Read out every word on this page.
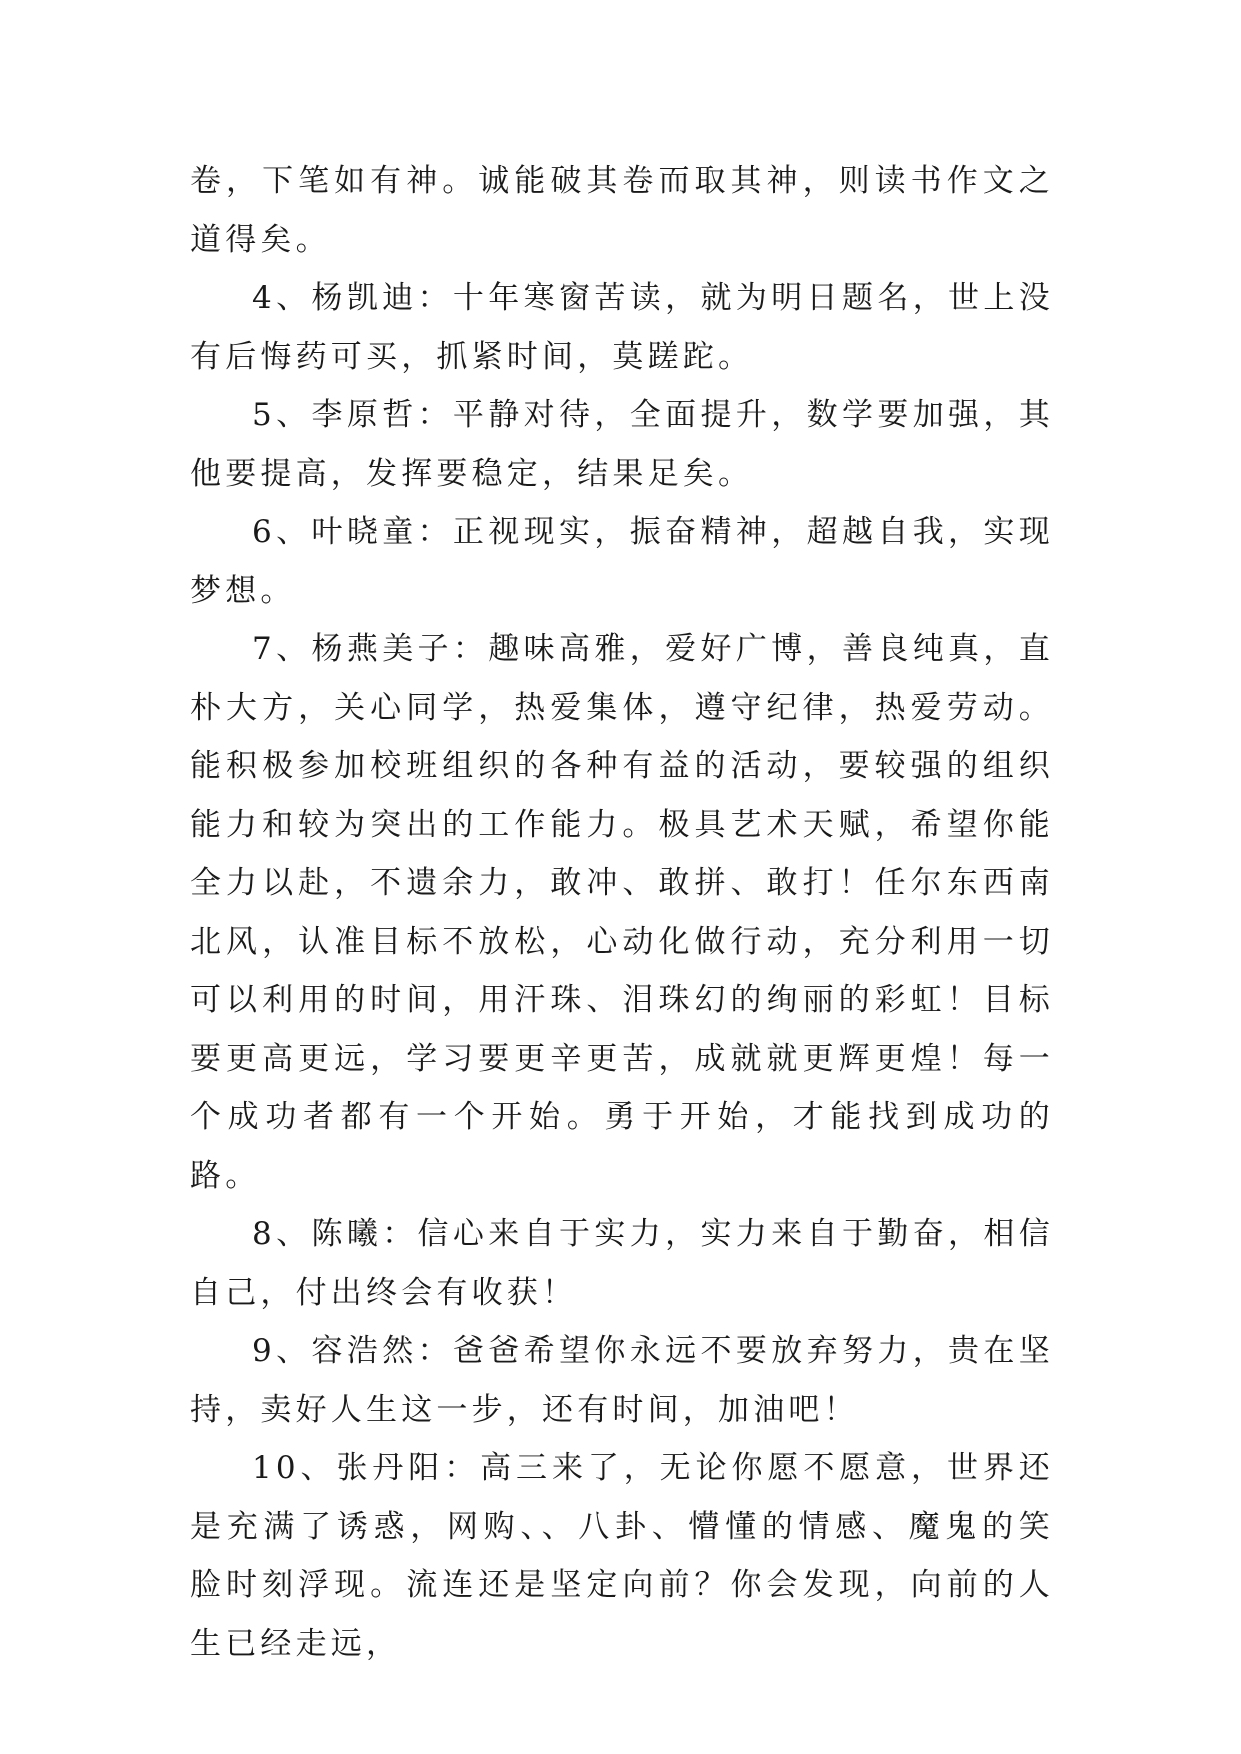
卷，下笔如有神。诚能破其卷而取其神，则读书作文之道得矣。

4、杨凯迪：十年寒窗苦读，就为明日题名，世上没有后悔药可买，抓紧时间，莫蹉跎。

5、李原哲：平静对待，全面提升，数学要加强，其他要提高，发挥要稳定，结果足矣。

6、叶晓童：正视现实，振奋精神，超越自我，实现梦想。

7、杨燕美子：趣味高雅，爱好广博，善良纯真，直朴大方，关心同学，热爱集体，遵守纪律，热爱劳动。能积极参加校班组织的各种有益的活动，要较强的组织能力和较为突出的工作能力。极具艺术天赋，希望你能全力以赴，不遗余力，敢冲、敢拼、敢打！任尔东西南北风，认准目标不放松，心动化做行动，充分利用一切可以利用的时间，用汗珠、泪珠幻的绚丽的彩虹！目标要更高更远，学习要更辛更苦，成就就更辉更煌！每一个成功者都有一个开始。勇于开始，才能找到成功的路。

8、陈曦：信心来自于实力，实力来自于勤奋，相信自己，付出终会有收获！

9、容浩然：爸爸希望你永远不要放弃努力，贵在坚持，卖好人生这一步，还有时间，加油吧！

10、张丹阳：高三来了，无论你愿不愿意，世界还是充满了诱惑，网购、、八卦、懵懂的情感、魔鬼的笑脸时刻浮现。流连还是坚定向前？你会发现，向前的人生已经走远，
